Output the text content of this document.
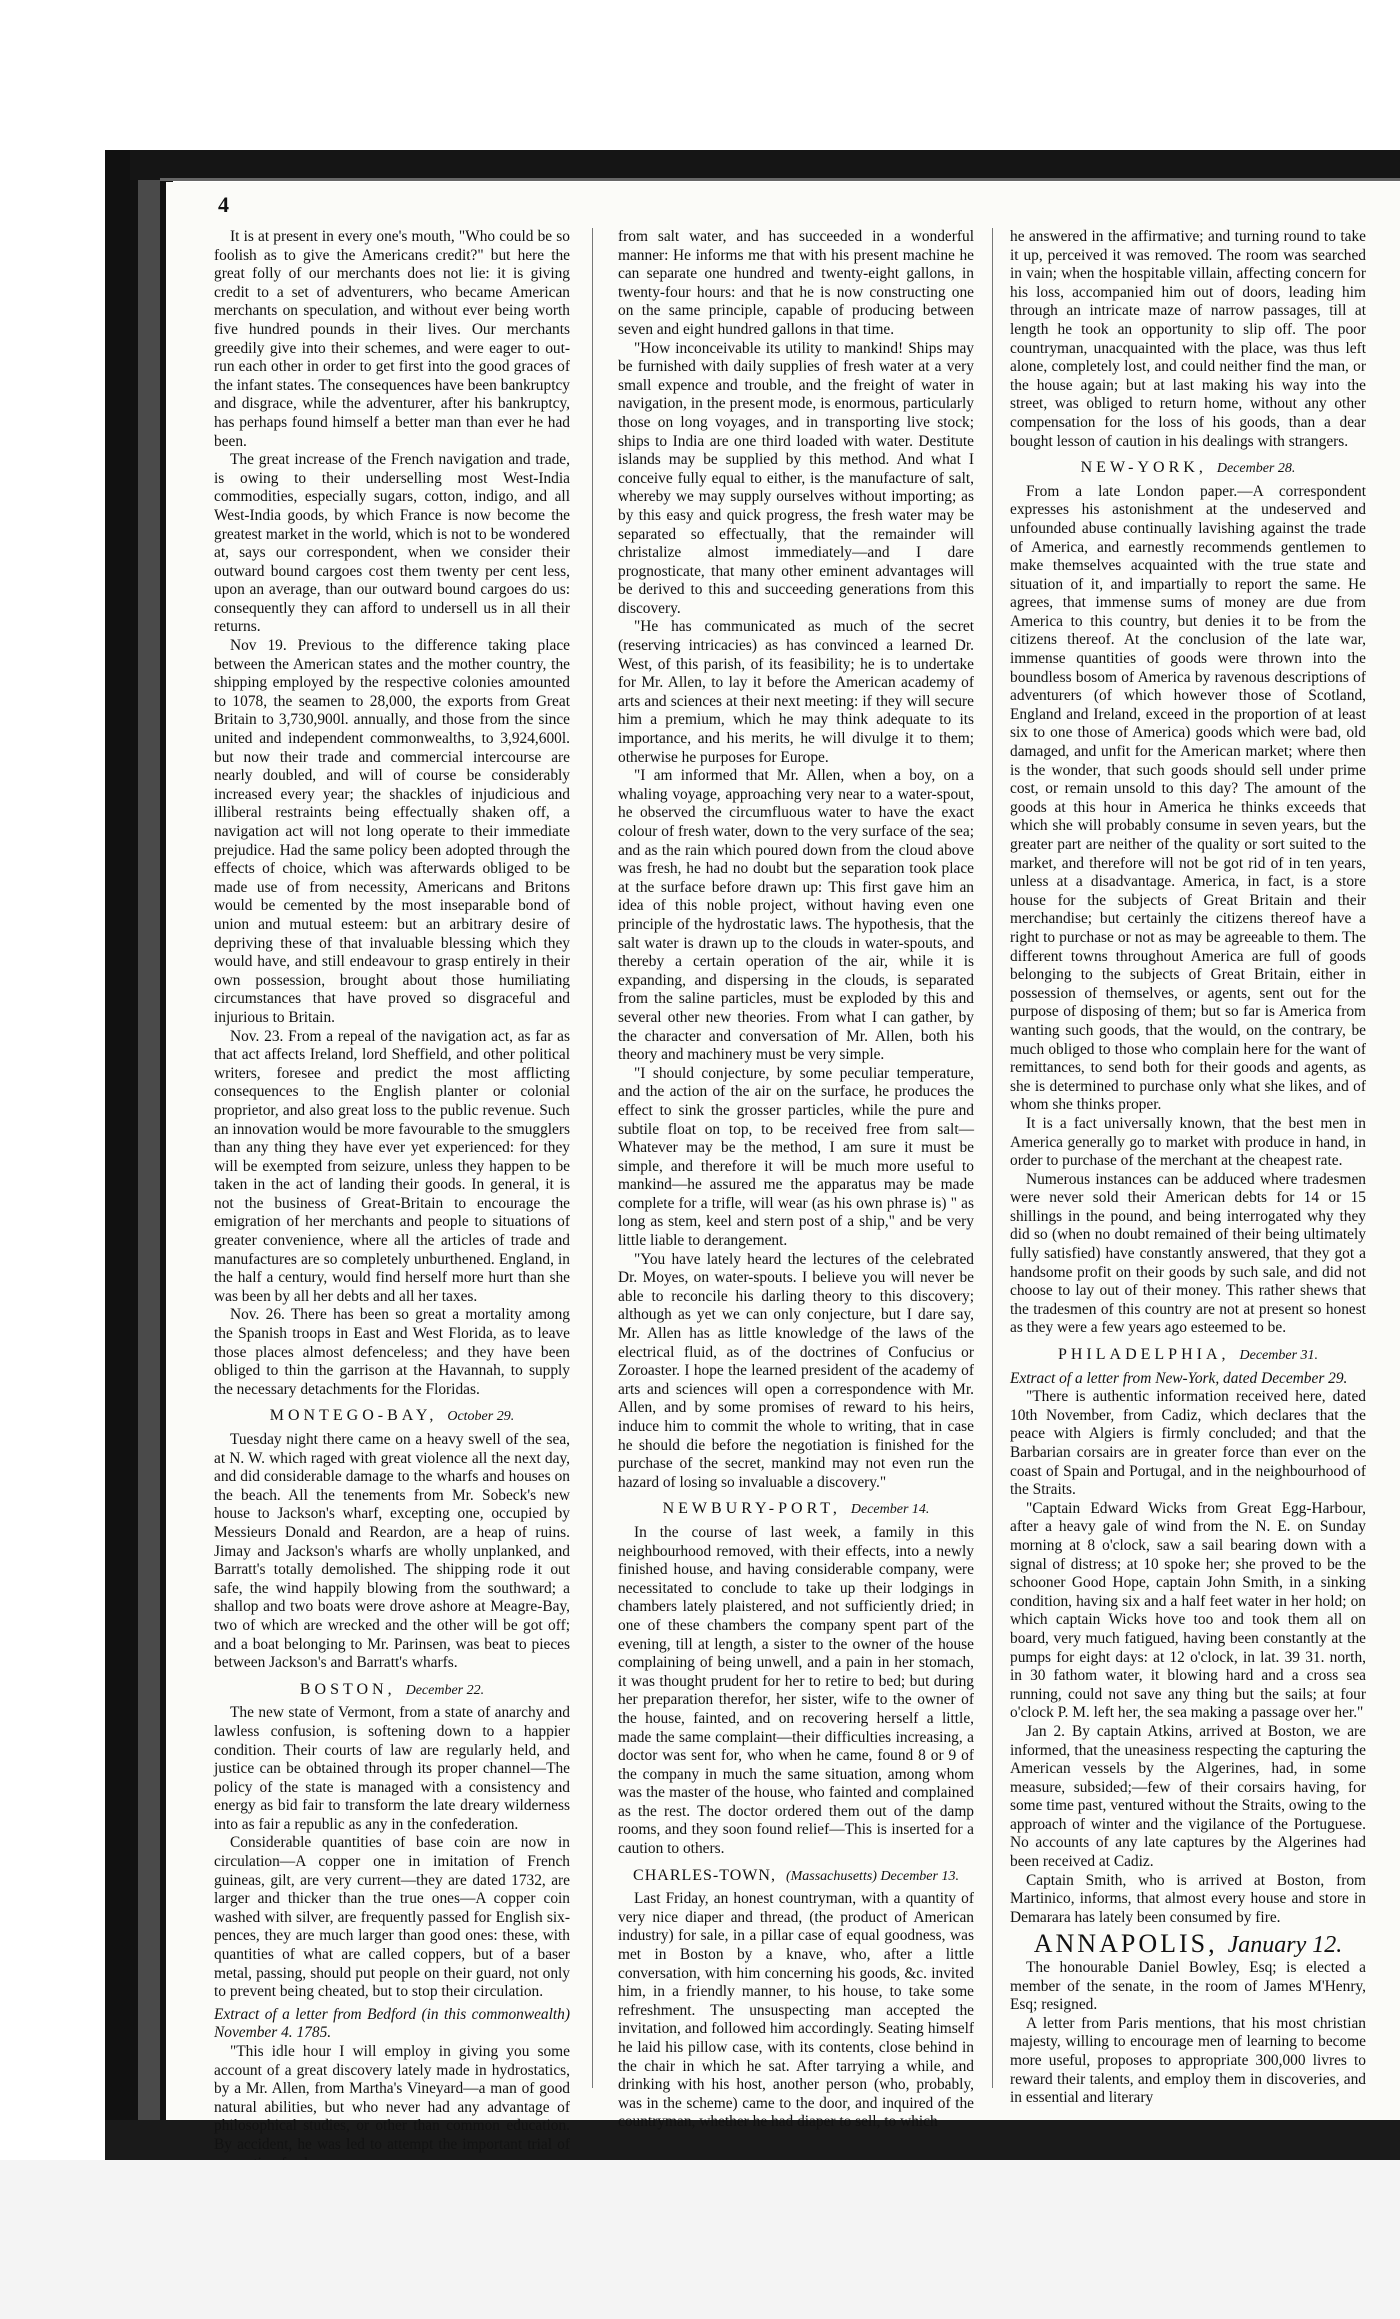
4

It is at present in every one's mouth, "Who could be so foolish as to give the Americans credit?" but here the great folly of our merchants does not lie: it is giving credit to a set of adventurers, who became American merchants on speculation, and without ever being worth five hundred pounds in their lives. Our merchants greedily give into their schemes, and were eager to out-run each other in order to get first into the good graces of the infant states. The consequences have been bankruptcy and disgrace, while the adventurer, after his bankruptcy, has perhaps found himself a better man than ever he had been.

The great increase of the French navigation and trade, is owing to their underselling most West-India commodities, especially sugars, cotton, indigo, and all West-India goods, by which France is now become the greatest market in the world, which is not to be wondered at, says our correspondent, when we consider their outward bound cargoes cost them twenty per cent less, upon an average, than our outward bound cargoes do us: consequently they can afford to undersell us in all their returns.

Nov 19. Previous to the difference taking place between the American states and the mother country, the shipping employed by the respective colonies amounted to 1078, the seamen to 28,000, the exports from Great Britain to 3,730,900l. annually, and those from the since united and independent commonwealths, to 3,924,600l. but now their trade and commercial intercourse are nearly doubled, and will of course be considerably increased every year; the shackles of injudicious and illiberal restraints being effectually shaken off, a navigation act will not long operate to their immediate prejudice. Had the same policy been adopted through the effects of choice, which was afterwards obliged to be made use of from necessity, Americans and Britons would be cemented by the most inseparable bond of union and mutual esteem: but an arbitrary desire of depriving these of that invaluable blessing which they would have, and still endeavour to grasp entirely in their own possession, brought about those humiliating circumstances that have proved so disgraceful and injurious to Britain.

Nov. 23. From a repeal of the navigation act, as far as that act affects Ireland, lord Sheffield, and other political writers, foresee and predict the most afflicting consequences to the English planter or colonial proprietor, and also great loss to the public revenue. Such an innovation would be more favourable to the smugglers than any thing they have ever yet experienced: for they will be exempted from seizure, unless they happen to be taken in the act of landing their goods. In general, it is not the business of Great-Britain to encourage the emigration of her merchants and people to situations of greater convenience, where all the articles of trade and manufactures are so completely unburthened. England, in the half a century, would find herself more hurt than she was been by all her debts and all her taxes.

Nov. 26. There has been so great a mortality among the Spanish troops in East and West Florida, as to leave those places almost defenceless; and they have been obliged to thin the garrison at the Havannah, to supply the necessary detachments for the Floridas.

MONTEGO-BAY, October 29.

Tuesday night there came on a heavy swell of the sea, at N. W. which raged with great violence all the next day, and did considerable damage to the wharfs and houses on the beach. All the tenements from Mr. Sobeck's new house to Jackson's wharf, excepting one, occupied by Messieurs Donald and Reardon, are a heap of ruins. Jimay and Jackson's wharfs are wholly unplanked, and Barratt's totally demolished. The shipping rode it out safe, the wind happily blowing from the southward; a shallop and two boats were drove ashore at Meagre-Bay, two of which are wrecked and the other will be got off; and a boat belonging to Mr. Parinsen, was beat to pieces between Jackson's and Barratt's wharfs.

BOSTON, December 22.

The new state of Vermont, from a state of anarchy and lawless confusion, is softening down to a happier condition. Their courts of law are regularly held, and justice can be obtained through its proper channel—The policy of the state is managed with a consistency and energy as bid fair to transform the late dreary wilderness into as fair a republic as any in the confederation.

Considerable quantities of base coin are now in circulation—A copper one in imitation of French guineas, gilt, are very current—they are dated 1732, are larger and thicker than the true ones—A copper coin washed with silver, are frequently passed for English six-pences, they are much larger than good ones: these, with quantities of what are called coppers, but of a baser metal, passing, should put people on their guard, not only to prevent being cheated, but to stop their circulation.

Extract of a letter from Bedford (in this commonwealth) November 4. 1785.

"This idle hour I will employ in giving you some account of a great discovery lately made in hydrostatics, by a Mr. Allen, from Martha's Vineyard—a man of good natural abilities, but who never had any advantage of philosophical studies, or other than common education. By accident, he was led to attempt the important trial of

from salt water, and has succeeded in a wonderful manner: He informs me that with his present machine he can separate one hundred and twenty-eight gallons, in twenty-four hours: and that he is now constructing one on the same principle, capable of producing between seven and eight hundred gallons in that time.

"How inconceivable its utility to mankind! Ships may be furnished with daily supplies of fresh water at a very small expence and trouble, and the freight of water in navigation, in the present mode, is enormous, particularly those on long voyages, and in transporting live stock; ships to India are one third loaded with water. Destitute islands may be supplied by this method. And what I conceive fully equal to either, is the manufacture of salt, whereby we may supply ourselves without importing; as by this easy and quick progress, the fresh water may be separated so effectually, that the remainder will christalize almost immediately—and I dare prognosticate, that many other eminent advantages will be derived to this and succeeding generations from this discovery.

"He has communicated as much of the secret (reserving intricacies) as has convinced a learned Dr. West, of this parish, of its feasibility; he is to undertake for Mr. Allen, to lay it before the American academy of arts and sciences at their next meeting: if they will secure him a premium, which he may think adequate to its importance, and his merits, he will divulge it to them; otherwise he purposes for Europe.

"I am informed that Mr. Allen, when a boy, on a whaling voyage, approaching very near to a water-spout, he observed the circumfluous water to have the exact colour of fresh water, down to the very surface of the sea; and as the rain which poured down from the cloud above was fresh, he had no doubt but the separation took place at the surface before drawn up: This first gave him an idea of this noble project, without having even one principle of the hydrostatic laws. The hypothesis, that the salt water is drawn up to the clouds in water-spouts, and thereby a certain operation of the air, while it is expanding, and dispersing in the clouds, is separated from the saline particles, must be exploded by this and several other new theories. From what I can gather, by the character and conversation of Mr. Allen, both his theory and machinery must be very simple.

"I should conjecture, by some peculiar temperature, and the action of the air on the surface, he produces the effect to sink the grosser particles, while the pure and subtile float on top, to be received free from salt—Whatever may be the method, I am sure it must be simple, and therefore it will be much more useful to mankind—he assured me the apparatus may be made complete for a trifle, will wear (as his own phrase is) " as long as stem, keel and stern post of a ship," and be very little liable to derangement.

"You have lately heard the lectures of the celebrated Dr. Moyes, on water-spouts. I believe you will never be able to reconcile his darling theory to this discovery; although as yet we can only conjecture, but I dare say, Mr. Allen has as little knowledge of the laws of the electrical fluid, as of the doctrines of Confucius or Zoroaster. I hope the learned president of the academy of arts and sciences will open a correspondence with Mr. Allen, and by some promises of reward to his heirs, induce him to commit the whole to writing, that in case he should die before the negotiation is finished for the purchase of the secret, mankind may not even run the hazard of losing so invaluable a discovery."

NEWBURY-PORT, December 14.

In the course of last week, a family in this neighbourhood removed, with their effects, into a newly finished house, and having considerable company, were necessitated to conclude to take up their lodgings in chambers lately plaistered, and not sufficiently dried; in one of these chambers the company spent part of the evening, till at length, a sister to the owner of the house complaining of being unwell, and a pain in her stomach, it was thought prudent for her to retire to bed; but during her preparation therefor, her sister, wife to the owner of the house, fainted, and on recovering herself a little, made the same complaint—their difficulties increasing, a doctor was sent for, who when he came, found 8 or 9 of the company in much the same situation, among whom was the master of the house, who fainted and complained as the rest. The doctor ordered them out of the damp rooms, and they soon found relief—This is inserted for a caution to others.

CHARLES-TOWN, (Massachusetts) December 13.

Last Friday, an honest countryman, with a quantity of very nice diaper and thread, (the product of American industry) for sale, in a pillar case of equal goodness, was met in Boston by a knave, who, after a little conversation, with him concerning his goods, &c. invited him, in a friendly manner, to his house, to take some refreshment. The unsuspecting man accepted the invitation, and followed him accordingly. Seating himself he laid his pillow case, with its contents, close behind in the chair in which he sat. After tarrying a while, and drinking with his host, another person (who, probably, was in the scheme) came to the door, and inquired of the countryman, whether he had diaper to sell, to which

he answered in the affirmative; and turning round to take it up, perceived it was removed. The room was searched in vain; when the hospitable villain, affecting concern for his loss, accompanied him out of doors, leading him through an intricate maze of narrow passages, till at length he took an opportunity to slip off. The poor countryman, unacquainted with the place, was thus left alone, completely lost, and could neither find the man, or the house again; but at last making his way into the street, was obliged to return home, without any other compensation for the loss of his goods, than a dear bought lesson of caution in his dealings with strangers.

NEW-YORK, December 28.

From a late London paper.—A correspondent expresses his astonishment at the undeserved and unfounded abuse continually lavishing against the trade of America, and earnestly recommends gentlemen to make themselves acquainted with the true state and situation of it, and impartially to report the same. He agrees, that immense sums of money are due from America to this country, but denies it to be from the citizens thereof. At the conclusion of the late war, immense quantities of goods were thrown into the boundless bosom of America by ravenous descriptions of adventurers (of which however those of Scotland, England and Ireland, exceed in the proportion of at least six to one those of America) goods which were bad, old damaged, and unfit for the American market; where then is the wonder, that such goods should sell under prime cost, or remain unsold to this day? The amount of the goods at this hour in America he thinks exceeds that which she will probably consume in seven years, but the greater part are neither of the quality or sort suited to the market, and therefore will not be got rid of in ten years, unless at a disadvantage. America, in fact, is a store house for the subjects of Great Britain and their merchandise; but certainly the citizens thereof have a right to purchase or not as may be agreeable to them. The different towns throughout America are full of goods belonging to the subjects of Great Britain, either in possession of themselves, or agents, sent out for the purpose of disposing of them; but so far is America from wanting such goods, that the would, on the contrary, be much obliged to those who complain here for the want of remittances, to send both for their goods and agents, as she is determined to purchase only what she likes, and of whom she thinks proper.

It is a fact universally known, that the best men in America generally go to market with produce in hand, in order to purchase of the merchant at the cheapest rate.

Numerous instances can be adduced where tradesmen were never sold their American debts for 14 or 15 shillings in the pound, and being interrogated why they did so (when no doubt remained of their being ultimately fully satisfied) have constantly answered, that they got a handsome profit on their goods by such sale, and did not choose to lay out of their money. This rather shews that the tradesmen of this country are not at present so honest as they were a few years ago esteemed to be.

PHILADELPHIA, December 31.

Extract of a letter from New-York, dated December 29.

"There is authentic information received here, dated 10th November, from Cadiz, which declares that the peace with Algiers is firmly concluded; and that the Barbarian corsairs are in greater force than ever on the coast of Spain and Portugal, and in the neighbourhood of the Straits.

"Captain Edward Wicks from Great Egg-Harbour, after a heavy gale of wind from the N. E. on Sunday morning at 8 o'clock, saw a sail bearing down with a signal of distress; at 10 spoke her; she proved to be the schooner Good Hope, captain John Smith, in a sinking condition, having six and a half feet water in her hold; on which captain Wicks hove too and took them all on board, very much fatigued, having been constantly at the pumps for eight days: at 12 o'clock, in lat. 39 31. north, in 30 fathom water, it blowing hard and a cross sea running, could not save any thing but the sails; at four o'clock P. M. left her, the sea making a passage over her."

Jan 2. By captain Atkins, arrived at Boston, we are informed, that the uneasiness respecting the capturing the American vessels by the Algerines, had, in some measure, subsided;—few of their corsairs having, for some time past, ventured without the Straits, owing to the approach of winter and the vigilance of the Portuguese. No accounts of any late captures by the Algerines had been received at Cadiz.

Captain Smith, who is arrived at Boston, from Martinico, informs, that almost every house and store in Demarara has lately been consumed by fire.

ANNAPOLIS, January 12.

The honourable Daniel Bowley, Esq; is elected a member of the senate, in the room of James M'Henry, Esq; resigned.

A letter from Paris mentions, that his most christian majesty, willing to encourage men of learning to become more useful, proposes to appropriate 300,000 livres to reward their talents, and employ them in discoveries, and in essential and literary
